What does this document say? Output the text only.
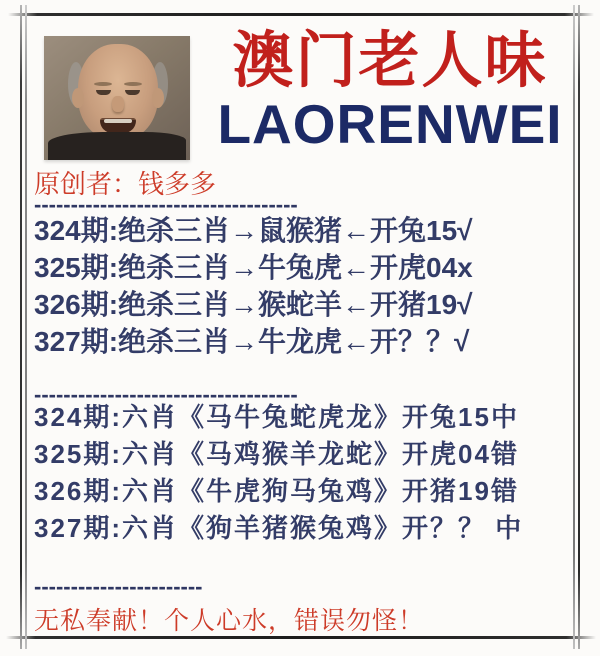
澳门老人味
LAORENWEI
原创者：钱多多
------------------------------------
324期:绝杀三肖→鼠猴猪←开兔15√
325期:绝杀三肖→牛兔虎←开虎04x
326期:绝杀三肖→猴蛇羊←开猪19√
327期:绝杀三肖→牛龙虎←开？？√
------------------------------------
324期:六肖《马牛兔蛇虎龙》开兔15中
325期:六肖《马鸡猴羊龙蛇》开虎04错
326期:六肖《牛虎狗马兔鸡》开猪19错
327期:六肖《狗羊猪猴兔鸡》开？？ 中
-----------------------
无私奉献！个人心水，错误勿怪！
